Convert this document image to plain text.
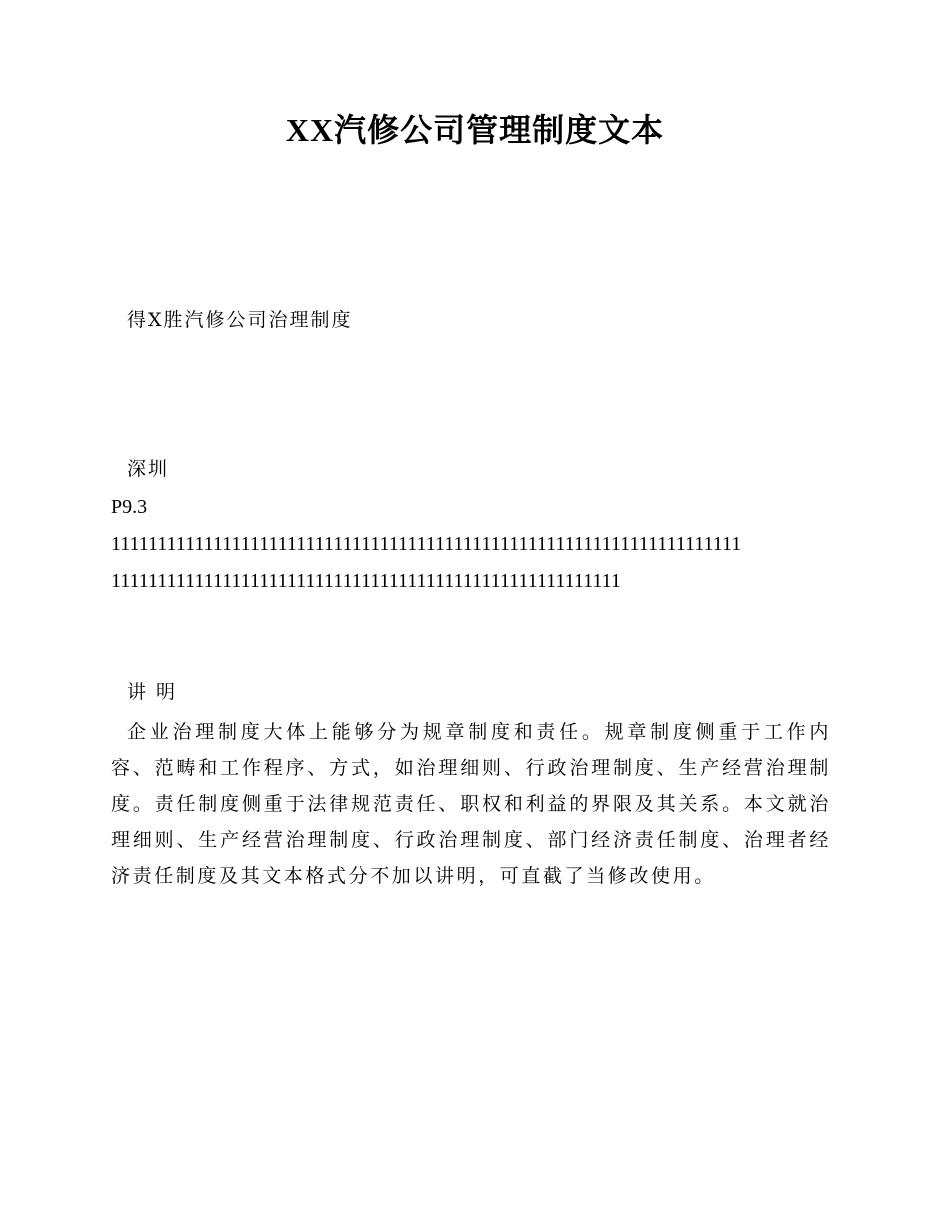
XX汽修公司管理制度文本
得X胜汽修公司治理制度
深圳
P9.3
11111111111111111111111111111111111111111111111111111111111111111111
1111111111111111111111111111111111111111111111111111111
讲 明
企业治理制度大体上能够分为规章制度和责任。规章制度侧重于工作内容、范畴和工作程序、方式，如治理细则、行政治理制度、生产经营治理制度。责任制度侧重于法律规范责任、职权和利益的界限及其关系。本文就治理细则、生产经营治理制度、行政治理制度、部门经济责任制度、治理者经济责任制度及其文本格式分不加以讲明，可直截了当修改使用。
